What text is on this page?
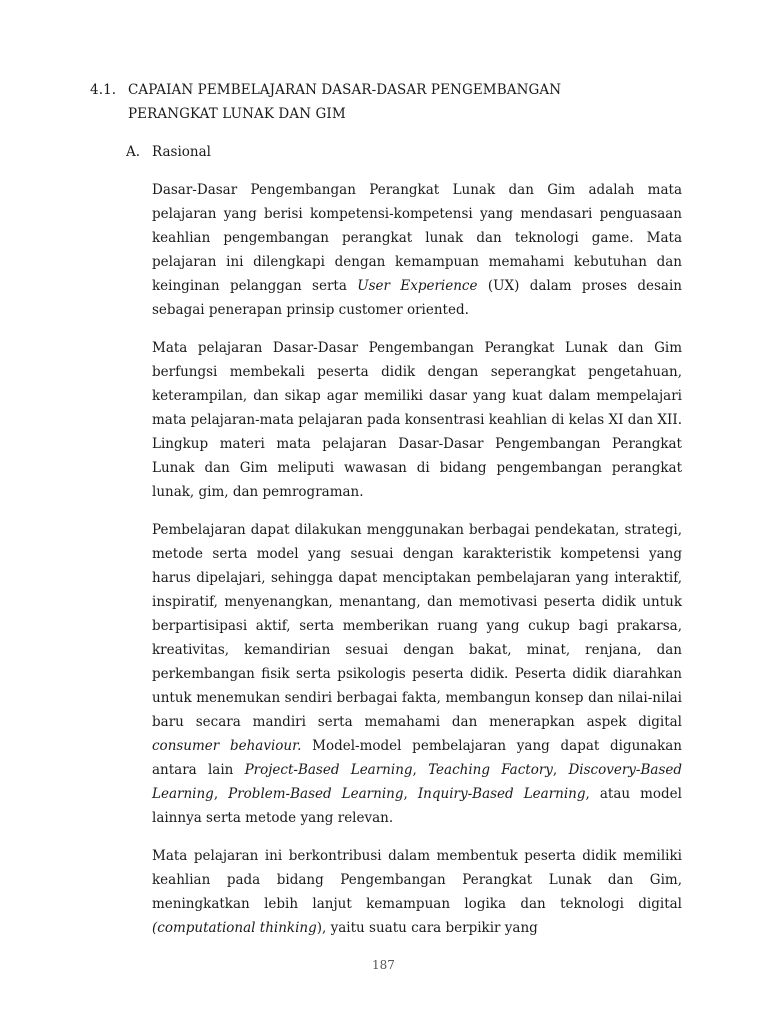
4.1. CAPAIAN PEMBELAJARAN DASAR-DASAR PENGEMBANGAN
PERANGKAT LUNAK DAN GIM
A. Rasional

Dasar-Dasar Pengembangan Perangkat Lunak dan Gim adalah mata pelajaran yang berisi kompetensi-kompetensi yang mendasari penguasaan keahlian pengembangan perangkat lunak dan teknologi game. Mata pelajaran ini dilengkapi dengan kemampuan memahami kebutuhan dan keinginan pelanggan serta User Experience (UX) dalam proses desain sebagai penerapan prinsip customer oriented.

Mata pelajaran Dasar-Dasar Pengembangan Perangkat Lunak dan Gim berfungsi membekali peserta didik dengan seperangkat pengetahuan, keterampilan, dan sikap agar memiliki dasar yang kuat dalam mempelajari mata pelajaran-mata pelajaran pada konsentrasi keahlian di kelas XI dan XII. Lingkup materi mata pelajaran Dasar-Dasar Pengembangan Perangkat Lunak dan Gim meliputi wawasan di bidang pengembangan perangkat lunak, gim, dan pemrograman.

Pembelajaran dapat dilakukan menggunakan berbagai pendekatan, strategi, metode serta model yang sesuai dengan karakteristik kompetensi yang harus dipelajari, sehingga dapat menciptakan pembelajaran yang interaktif, inspiratif, menyenangkan, menantang, dan memotivasi peserta didik untuk berpartisipasi aktif, serta memberikan ruang yang cukup bagi prakarsa, kreativitas, kemandirian sesuai dengan bakat, minat, renjana, dan perkembangan fisik serta psikologis peserta didik. Peserta didik diarahkan untuk menemukan sendiri berbagai fakta, membangun konsep dan nilai-nilai baru secara mandiri serta memahami dan menerapkan aspek digital consumer behaviour. Model-model pembelajaran yang dapat digunakan antara lain Project-Based Learning, Teaching Factory, Discovery-Based Learning, Problem-Based Learning, Inquiry-Based Learning, atau model lainnya serta metode yang relevan.

Mata pelajaran ini berkontribusi dalam membentuk peserta didik memiliki keahlian pada bidang Pengembangan Perangkat Lunak dan Gim, meningkatkan lebih lanjut kemampuan logika dan teknologi digital (computational thinking), yaitu suatu cara berpikir yang

187
